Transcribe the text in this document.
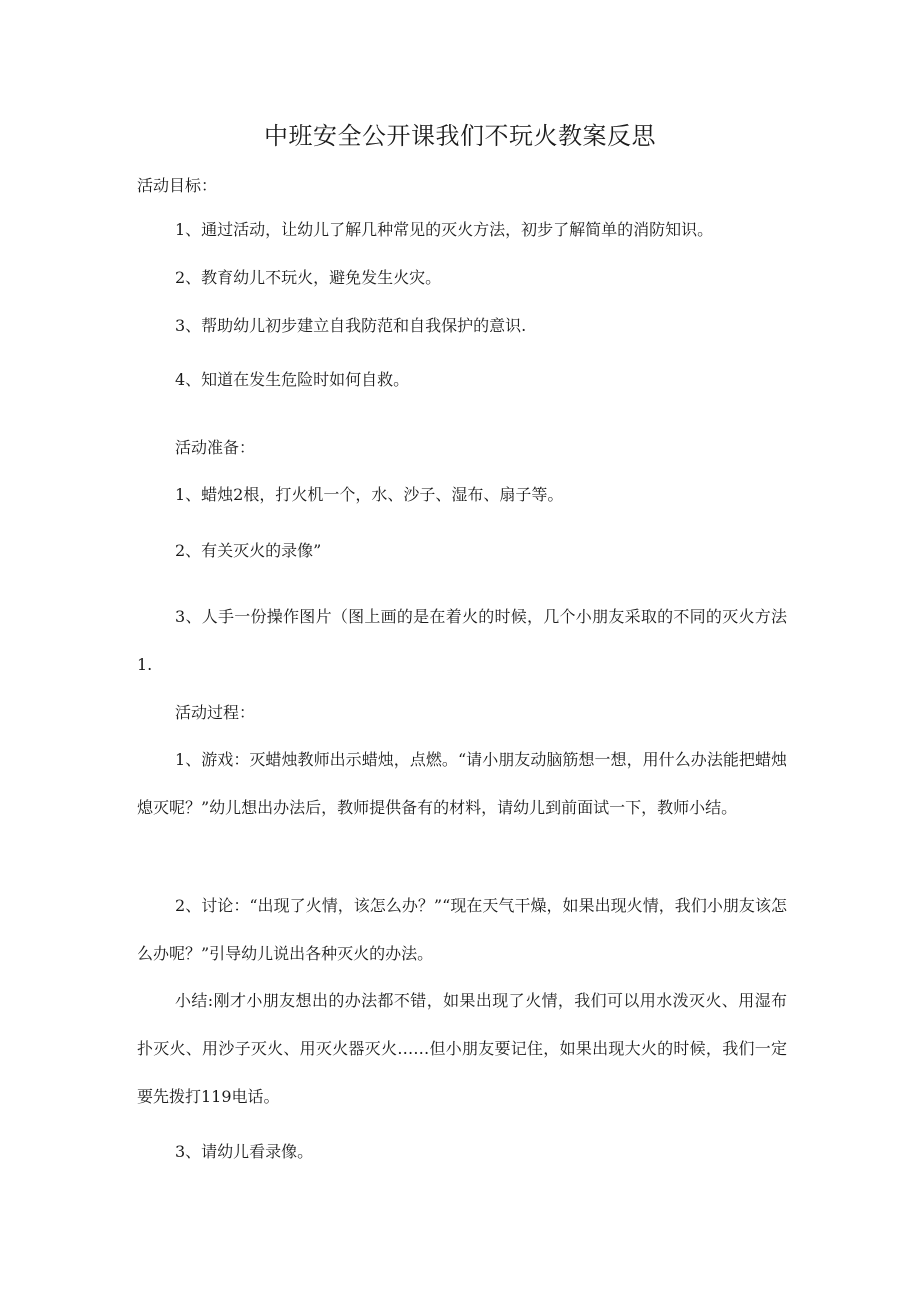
中班安全公开课我们不玩火教案反思

活动目标：

1、通过活动，让幼儿了解几种常见的灭火方法，初步了解简单的消防知识。

2、教育幼儿不玩火，避免发生火灾。

3、帮助幼儿初步建立自我防范和自我保护的意识.

4、知道在发生危险时如何自救。

活动准备：

1、蜡烛2根，打火机一个，水、沙子、湿布、扇子等。

2、有关灭火的录像”

3、人手一份操作图片（图上画的是在着火的时候，几个小朋友采取的不同的灭火方法1.

活动过程：

1、游戏：灭蜡烛教师出示蜡烛，点燃。“请小朋友动脑筋想一想，用什么办法能把蜡烛熄灭呢？”幼儿想出办法后，教师提供备有的材料，请幼儿到前面试一下，教师小结。

2、讨论：“出现了火情，该怎么办？”“现在天气干燥，如果出现火情，我们小朋友该怎么办呢？”引导幼儿说出各种灭火的办法。

小结:刚才小朋友想出的办法都不错，如果出现了火情，我们可以用水泼灭火、用湿布扑灭火、用沙子灭火、用灭火器灭火……但小朋友要记住，如果出现大火的时候，我们一定要先拨打119电话。

3、请幼儿看录像。
